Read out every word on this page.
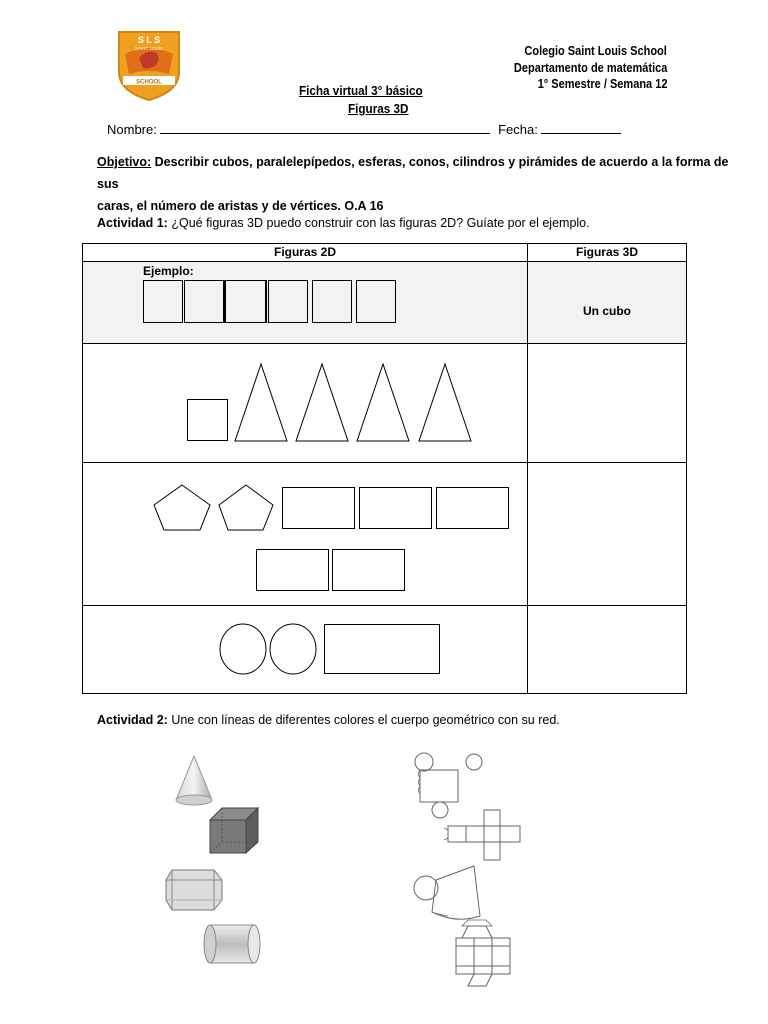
S L S
SAINT LOUIS
SCHOOL
Colegio Saint Louis School
Departamento de matemática
1° Semestre / Semana 12
Ficha virtual 3° básico
Figuras 3D
Nombre:	Fecha:
Objetivo: Describir cubos, paralelepípedos, esferas, conos, cilindros y pirámides de acuerdo a la forma de sus
caras, el número de aristas y de vértices. O.A 16
Actividad 1: ¿Qué figuras 3D puedo construir con las figuras 2D? Guíate por el ejemplo.
Figuras 2D	Figuras 3D
Ejemplo:
Un cubo
Actividad 2: Une con líneas de diferentes colores el cuerpo geométrico con su red.
